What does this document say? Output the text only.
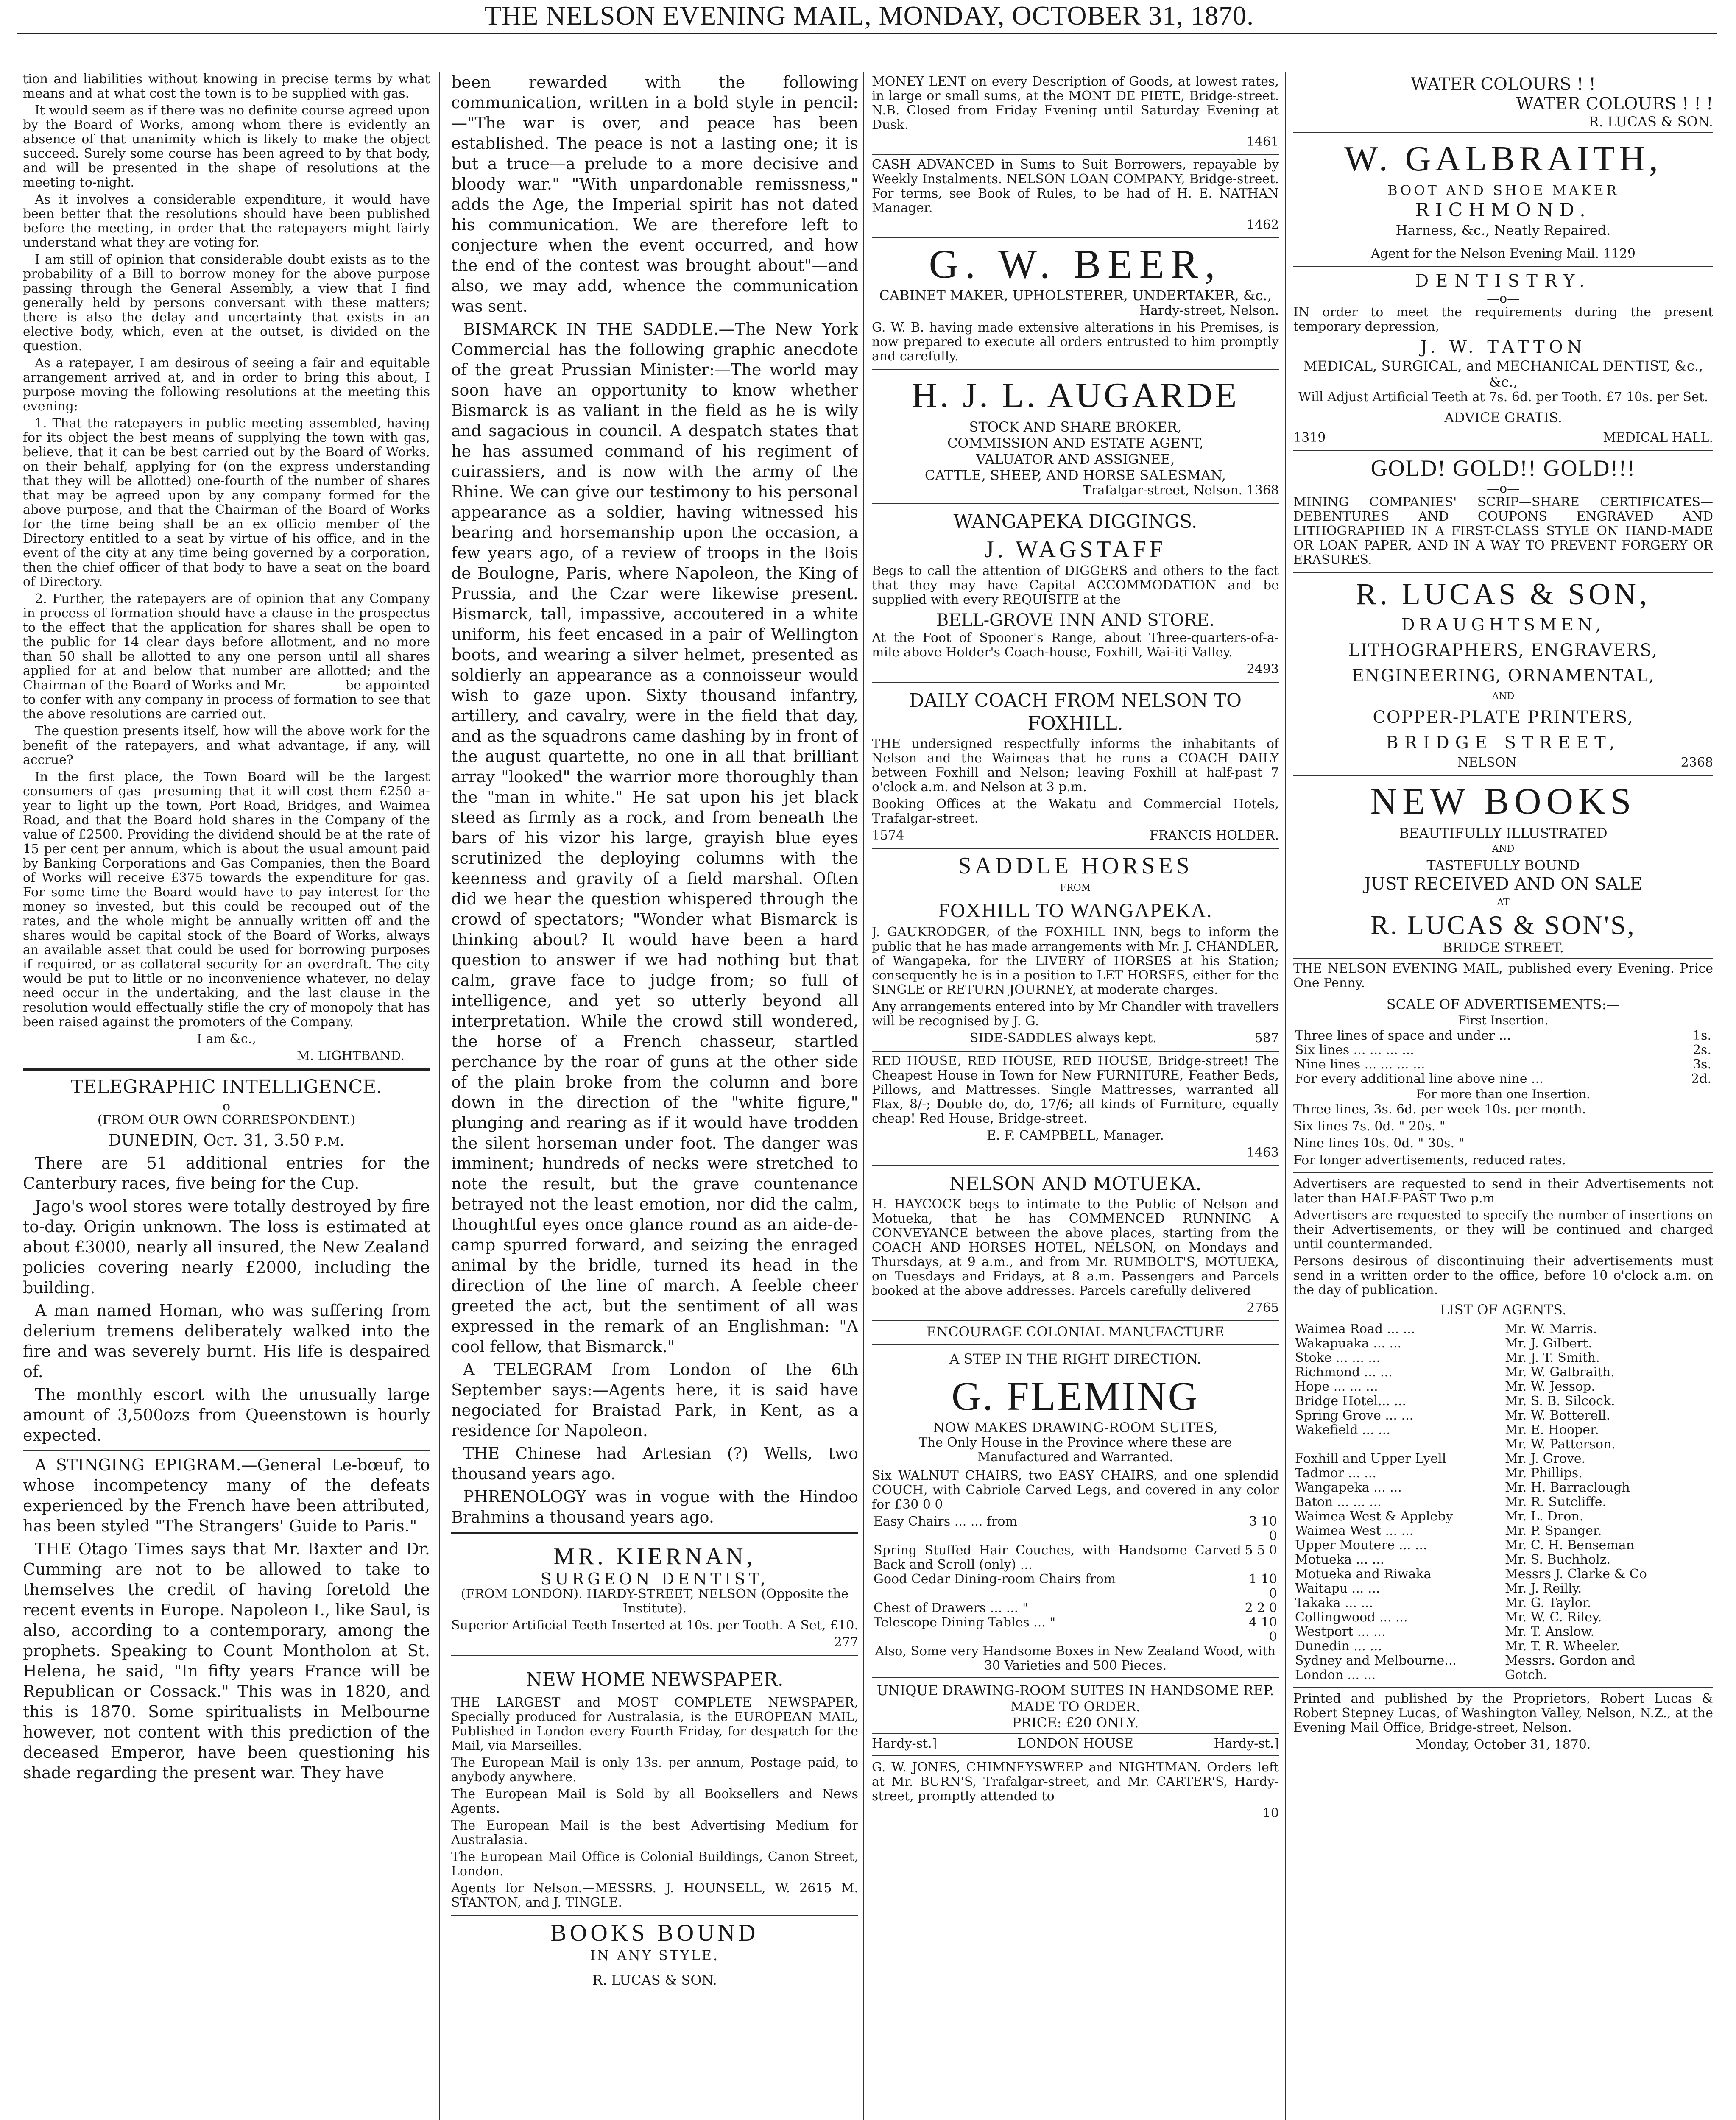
THE NELSON EVENING MAIL, MONDAY, OCTOBER 31, 1870.

tion and liabilities without knowing in precise terms by what means and at what cost the town is to be supplied with gas.

It would seem as if there was no definite course agreed upon by the Board of Works, among whom there is evidently an absence of that unanimity which is likely to make the object succeed. Surely some course has been agreed to by that body, and will be presented in the shape of resolutions at the meeting to-night.

As it involves a considerable expenditure, it would have been better that the resolutions should have been published before the meeting, in order that the ratepayers might fairly understand what they are voting for.

I am still of opinion that considerable doubt exists as to the probability of a Bill to borrow money for the above purpose passing through the General Assembly, a view that I find generally held by persons conversant with these matters; there is also the delay and uncertainty that exists in an elective body, which, even at the outset, is divided on the question.

As a ratepayer, I am desirous of seeing a fair and equitable arrangement arrived at, and in order to bring this about, I purpose moving the following resolutions at the meeting this evening:—

1. That the ratepayers in public meeting assembled, having for its object the best means of supplying the town with gas, believe, that it can be best carried out by the Board of Works, on their behalf, applying for (on the express understanding that they will be allotted) one-fourth of the number of shares that may be agreed upon by any company formed for the above purpose, and that the Chairman of the Board of Works for the time being shall be an ex officio member of the Directory entitled to a seat by virtue of his office, and in the event of the city at any time being governed by a corporation, then the chief officer of that body to have a seat on the board of Directory.

2. Further, the ratepayers are of opinion that any Company in process of formation should have a clause in the prospectus to the effect that the application for shares shall be open to the public for 14 clear days before allotment, and no more than 50 shall be allotted to any one person until all shares applied for at and below that number are allotted; and the Chairman of the Board of Works and Mr. ———— be appointed to confer with any company in process of formation to see that the above resolutions are carried out.

The question presents itself, how will the above work for the benefit of the ratepayers, and what advantage, if any, will accrue?

In the first place, the Town Board will be the largest consumers of gas—presuming that it will cost them £250 a-year to light up the town, Port Road, Bridges, and Waimea Road, and that the Board hold shares in the Company of the value of £2500. Providing the dividend should be at the rate of 15 per cent per annum, which is about the usual amount paid by Banking Corporations and Gas Companies, then the Board of Works will receive £375 towards the expenditure for gas. For some time the Board would have to pay interest for the money so invested, but this could be recouped out of the rates, and the whole might be annually written off and the shares would be capital stock of the Board of Works, always an available asset that could be used for borrowing purposes if required, or as collateral security for an overdraft. The city would be put to little or no inconvenience whatever, no delay need occur in the undertaking, and the last clause in the resolution would effectually stifle the cry of monopoly that has been raised against the promoters of the Company.

I am &c.,

M. LIGHTBAND.

TELEGRAPHIC INTELLIGENCE.
——o——

(FROM OUR OWN CORRESPONDENT.)

DUNEDIN, Oct. 31, 3.50 p.m.

There are 51 additional entries for the Canterbury races, five being for the Cup.

Jago's wool stores were totally destroyed by fire to-day. Origin unknown. The loss is estimated at about £3000, nearly all insured, the New Zealand policies covering nearly £2000, including the building.

A man named Homan, who was suffering from delerium tremens deliberately walked into the fire and was severely burnt. His life is despaired of.

The monthly escort with the unusually large amount of 3,500ozs from Queenstown is hourly expected.

A STINGING EPIGRAM.—General Le-bœuf, to whose incompetency many of the defeats experienced by the French have been attributed, has been styled "The Strangers' Guide to Paris."

THE Otago Times says that Mr. Baxter and Dr. Cumming are not to be allowed to take to themselves the credit of having foretold the recent events in Europe. Napoleon I., like Saul, is also, according to a contemporary, among the prophets. Speaking to Count Montholon at St. Helena, he said, "In fifty years France will be Republican or Cossack." This was in 1820, and this is 1870. Some spiritualists in Melbourne however, not content with this prediction of the deceased Emperor, have been questioning his shade regarding the present war. They have

been rewarded with the following communication, written in a bold style in pencil:—"The war is over, and peace has been established. The peace is not a lasting one; it is but a truce—a prelude to a more decisive and bloody war." "With unpardonable remissness," adds the Age, the Imperial spirit has not dated his communication. We are therefore left to conjecture when the event occurred, and how the end of the contest was brought about"—and also, we may add, whence the communication was sent.

BISMARCK IN THE SADDLE.—The New York Commercial has the following graphic anecdote of the great Prussian Minister:—The world may soon have an opportunity to know whether Bismarck is as valiant in the field as he is wily and sagacious in council. A despatch states that he has assumed command of his regiment of cuirassiers, and is now with the army of the Rhine. We can give our testimony to his personal appearance as a soldier, having witnessed his bearing and horsemanship upon the occasion, a few years ago, of a review of troops in the Bois de Boulogne, Paris, where Napoleon, the King of Prussia, and the Czar were likewise present. Bismarck, tall, impassive, accoutered in a white uniform, his feet encased in a pair of Wellington boots, and wearing a silver helmet, presented as soldierly an appearance as a connoisseur would wish to gaze upon. Sixty thousand infantry, artillery, and cavalry, were in the field that day, and as the squadrons came dashing by in front of the august quartette, no one in all that brilliant array "looked" the warrior more thoroughly than the "man in white." He sat upon his jet black steed as firmly as a rock, and from beneath the bars of his vizor his large, grayish blue eyes scrutinized the deploying columns with the keenness and gravity of a field marshal. Often did we hear the question whispered through the crowd of spectators; "Wonder what Bismarck is thinking about? It would have been a hard question to answer if we had nothing but that calm, grave face to judge from; so full of intelligence, and yet so utterly beyond all interpretation. While the crowd still wondered, the horse of a French chasseur, startled perchance by the roar of guns at the other side of the plain broke from the column and bore down in the direction of the "white figure," plunging and rearing as if it would have trodden the silent horseman under foot. The danger was imminent; hundreds of necks were stretched to note the result, but the grave countenance betrayed not the least emotion, nor did the calm, thoughtful eyes once glance round as an aide-de-camp spurred forward, and seizing the enraged animal by the bridle, turned its head in the direction of the line of march. A feeble cheer greeted the act, but the sentiment of all was expressed in the remark of an Englishman: "A cool fellow, that Bismarck."

A TELEGRAM from London of the 6th September says:—Agents here, it is said have negociated for Braistad Park, in Kent, as a residence for Napoleon.

THE Chinese had Artesian (?) Wells, two thousand years ago.

PHRENOLOGY was in vogue with the Hindoo Brahmins a thousand years ago.

MR. KIERNAN,
SURGEON DENTIST,

(FROM LONDON). HARDY-STREET, NELSON (Opposite the Institute).

Superior Artificial Teeth Inserted at 10s. per Tooth. A Set, £10.

277

NEW HOME NEWSPAPER.

THE LARGEST and MOST COMPLETE NEWSPAPER, Specially produced for Australasia, is the EUROPEAN MAIL, Published in London every Fourth Friday, for despatch for the Mail, via Marseilles.

The European Mail is only 13s. per annum, Postage paid, to anybody anywhere.

The European Mail is Sold by all Booksellers and News Agents.

The European Mail is the best Advertising Medium for Australasia.

The European Mail Office is Colonial Buildings, Canon Street, London.

Agents for Nelson.—MESSRS. J. HOUNSELL, W. 2615 M. STANTON, and J. TINGLE.

BOOKS BOUND
IN ANY STYLE.
R. LUCAS & SON.

MONEY LENT on every Description of Goods, at lowest rates, in large or small sums, at the MONT DE PIETE, Bridge-street. N.B. Closed from Friday Evening until Saturday Evening at Dusk.

1461

CASH ADVANCED in Sums to Suit Borrowers, repayable by Weekly Instalments. NELSON LOAN COMPANY, Bridge-street. For terms, see Book of Rules, to be had of H. E. NATHAN Manager.

1462

G. W. BEER,
CABINET MAKER, UPHOLSTERER, UNDERTAKER, &c.,

Hardy-street, Nelson.

G. W. B. having made extensive alterations in his Premises, is now prepared to execute all orders entrusted to him promptly and carefully.

H. J. L. AUGARDE
STOCK AND SHARE BROKER,
COMMISSION AND ESTATE AGENT,
VALUATOR AND ASSIGNEE,
CATTLE, SHEEP, AND HORSE SALESMAN,

Trafalgar-street, Nelson. 1368

WANGAPEKA DIGGINGS.
J. WAGSTAFF

Begs to call the attention of DIGGERS and others to the fact that they may have Capital ACCOMMODATION and be supplied with every REQUISITE at the

BELL-GROVE INN AND STORE.

At the Foot of Spooner's Range, about Three-quarters-of-a-mile above Holder's Coach-house, Foxhill, Wai-iti Valley.

2493

DAILY COACH FROM NELSON TO FOXHILL.

THE undersigned respectfully informs the inhabitants of Nelson and the Waimeas that he runs a COACH DAILY between Foxhill and Nelson; leaving Foxhill at half-past 7 o'clock a.m. and Nelson at 3 p.m.

Booking Offices at the Wakatu and Commercial Hotels, Trafalgar-street.

1574	FRANCIS HOLDER.

SADDLE HORSES
FROM
FOXHILL TO WANGAPEKA.

J. GAUKRODGER, of the FOXHILL INN, begs to inform the public that he has made arrangements with Mr. J. CHANDLER, of Wangapeka, for the LIVERY of HORSES at his Station; consequently he is in a position to LET HORSES, either for the SINGLE or RETURN JOURNEY, at moderate charges.

Any arrangements entered into by Mr Chandler with travellers will be recognised by J. G.

SIDE-SADDLES always kept.	587

RED HOUSE, RED HOUSE, RED HOUSE, Bridge-street! The Cheapest House in Town for New FURNITURE, Feather Beds, Pillows, and Mattresses. Single Mattresses, warranted all Flax, 8/-; Double do, do, 17/6; all kinds of Furniture, equally cheap! Red House, Bridge-street.

E. F. CAMPBELL, Manager.

1463

NELSON AND MOTUEKA.

H. HAYCOCK begs to intimate to the Public of Nelson and Motueka, that he has COMMENCED RUNNING A CONVEYANCE between the above places, starting from the COACH AND HORSES HOTEL, NELSON, on Mondays and Thursdays, at 9 a.m., and from Mr. RUMBOLT'S, MOTUEKA, on Tuesdays and Fridays, at 8 a.m. Passengers and Parcels booked at the above addresses. Parcels carefully delivered

2765

ENCOURAGE COLONIAL MANUFACTURE
A STEP IN THE RIGHT DIRECTION.
G. FLEMING
NOW MAKES DRAWING-ROOM SUITES,

The Only House in the Province where these are Manufactured and Warranted.

Six WALNUT CHAIRS, two EASY CHAIRS, and one splendid COUCH, with Cabriole Carved Legs, and covered in any color for £30 0 0

Easy Chairs ... ... from	3 10 0
Spring Stuffed Hair Couches, with Handsome Carved Back and Scroll (only) ...	5 5 0
Good Cedar Dining-room Chairs from	1 10 0
Chest of Drawers ... ... "	2 2 0
Telescope Dining Tables ... "	4 10 0

Also, Some very Handsome Boxes in New Zealand Wood, with 30 Varieties and 500 Pieces.

UNIQUE DRAWING-ROOM SUITES IN HANDSOME REP. MADE TO ORDER.
PRICE: £20 ONLY.

Hardy-st.]	LONDON HOUSE	Hardy-st.]

G. W. JONES, CHIMNEYSWEEP and NIGHTMAN. Orders left at Mr. BURN'S, Trafalgar-street, and Mr. CARTER'S, Hardy-street, promptly attended to

10

WATER COLOURS ! !
WATER COLOURS ! ! !
R. LUCAS & SON.
W. GALBRAITH,
BOOT AND SHOE MAKER
RICHMOND.
Harness, &c., Neatly Repaired.

Agent for the Nelson Evening Mail. 1129

DENTISTRY.
—o—

IN order to meet the requirements during the present temporary depression,

J. W. TATTON
MEDICAL, SURGICAL, and MECHANICAL DENTIST, &c., &c.,

Will Adjust Artificial Teeth at 7s. 6d. per Tooth. £7 10s. per Set.

ADVICE GRATIS.

1319	MEDICAL HALL.

GOLD! GOLD!! GOLD!!!
—o—

MINING COMPANIES' SCRIP—SHARE CERTIFICATES—DEBENTURES AND COUPONS ENGRAVED AND LITHOGRAPHED IN A FIRST-CLASS STYLE ON HAND-MADE OR LOAN PAPER, AND IN A WAY TO PREVENT FORGERY OR ERASURES.

R. LUCAS & SON,
DRAUGHTSMEN,
LITHOGRAPHERS, ENGRAVERS,
ENGINEERING, ORNAMENTAL,
AND
COPPER-PLATE PRINTERS,
BRIDGE STREET,

NELSON	2368

NEW BOOKS
BEAUTIFULLY ILLUSTRATED
AND
TASTEFULLY BOUND
JUST RECEIVED AND ON SALE
AT
R. LUCAS & SON'S,
BRIDGE STREET.

THE NELSON EVENING MAIL, published every Evening. Price One Penny.

SCALE OF ADVERTISEMENTS:—
First Insertion.
Three lines of space and under ...	1s.
Six lines ... ... ... ...	2s.
Nine lines ... ... ... ...	3s.
For every additional line above nine ...	2d.
For more than one Insertion.

Three lines, 3s. 6d. per week 10s. per month.

Six lines 7s. 0d. " 20s. "

Nine lines 10s. 0d. " 30s. "

For longer advertisements, reduced rates.

Advertisers are requested to send in their Advertisements not later than HALF-PAST Two p.m

Advertisers are requested to specify the number of insertions on their Advertisements, or they will be continued and charged until countermanded.

Persons desirous of discontinuing their advertisements must send in a written order to the office, before 10 o'clock a.m. on the day of publication.

LIST OF AGENTS.
Waimea Road ... ...	Mr. W. Marris.
Wakapuaka ... ...	Mr. J. Gilbert.
Stoke ... ... ...	Mr. J. T. Smith.
Richmond ... ...	Mr. W. Galbraith.
Hope ... ... ...	Mr. W. Jessop.
Bridge Hotel... ...	Mr. S. B. Silcock.
Spring Grove ... ...	Mr. W. Botterell.
Wakefield ... ...	Mr. E. Hooper.
	Mr. W. Patterson.
Foxhill and Upper Lyell	Mr. J. Grove.
Tadmor ... ...	Mr. Phillips.
Wangapeka ... ...	Mr. H. Barraclough
Baton ... ... ...	Mr. R. Sutcliffe.
Waimea West & Appleby	Mr. L. Dron.
Waimea West ... ...	Mr. P. Spanger.
Upper Moutere ... ...	Mr. C. H. Benseman
Motueka ... ...	Mr. S. Buchholz.
Motueka and Riwaka	Messrs J. Clarke & Co
Waitapu ... ...	Mr. J. Reilly.
Takaka ... ...	Mr. G. Taylor.
Collingwood ... ...	Mr. W. C. Riley.
Westport ... ...	Mr. T. Anslow.
Dunedin ... ...	Mr. T. R. Wheeler.
Sydney and Melbourne...	Messrs. Gordon and
London ... ...	Gotch.

Printed and published by the Proprietors, Robert Lucas & Robert Stepney Lucas, of Washington Valley, Nelson, N.Z., at the Evening Mail Office, Bridge-street, Nelson.

Monday, October 31, 1870.
